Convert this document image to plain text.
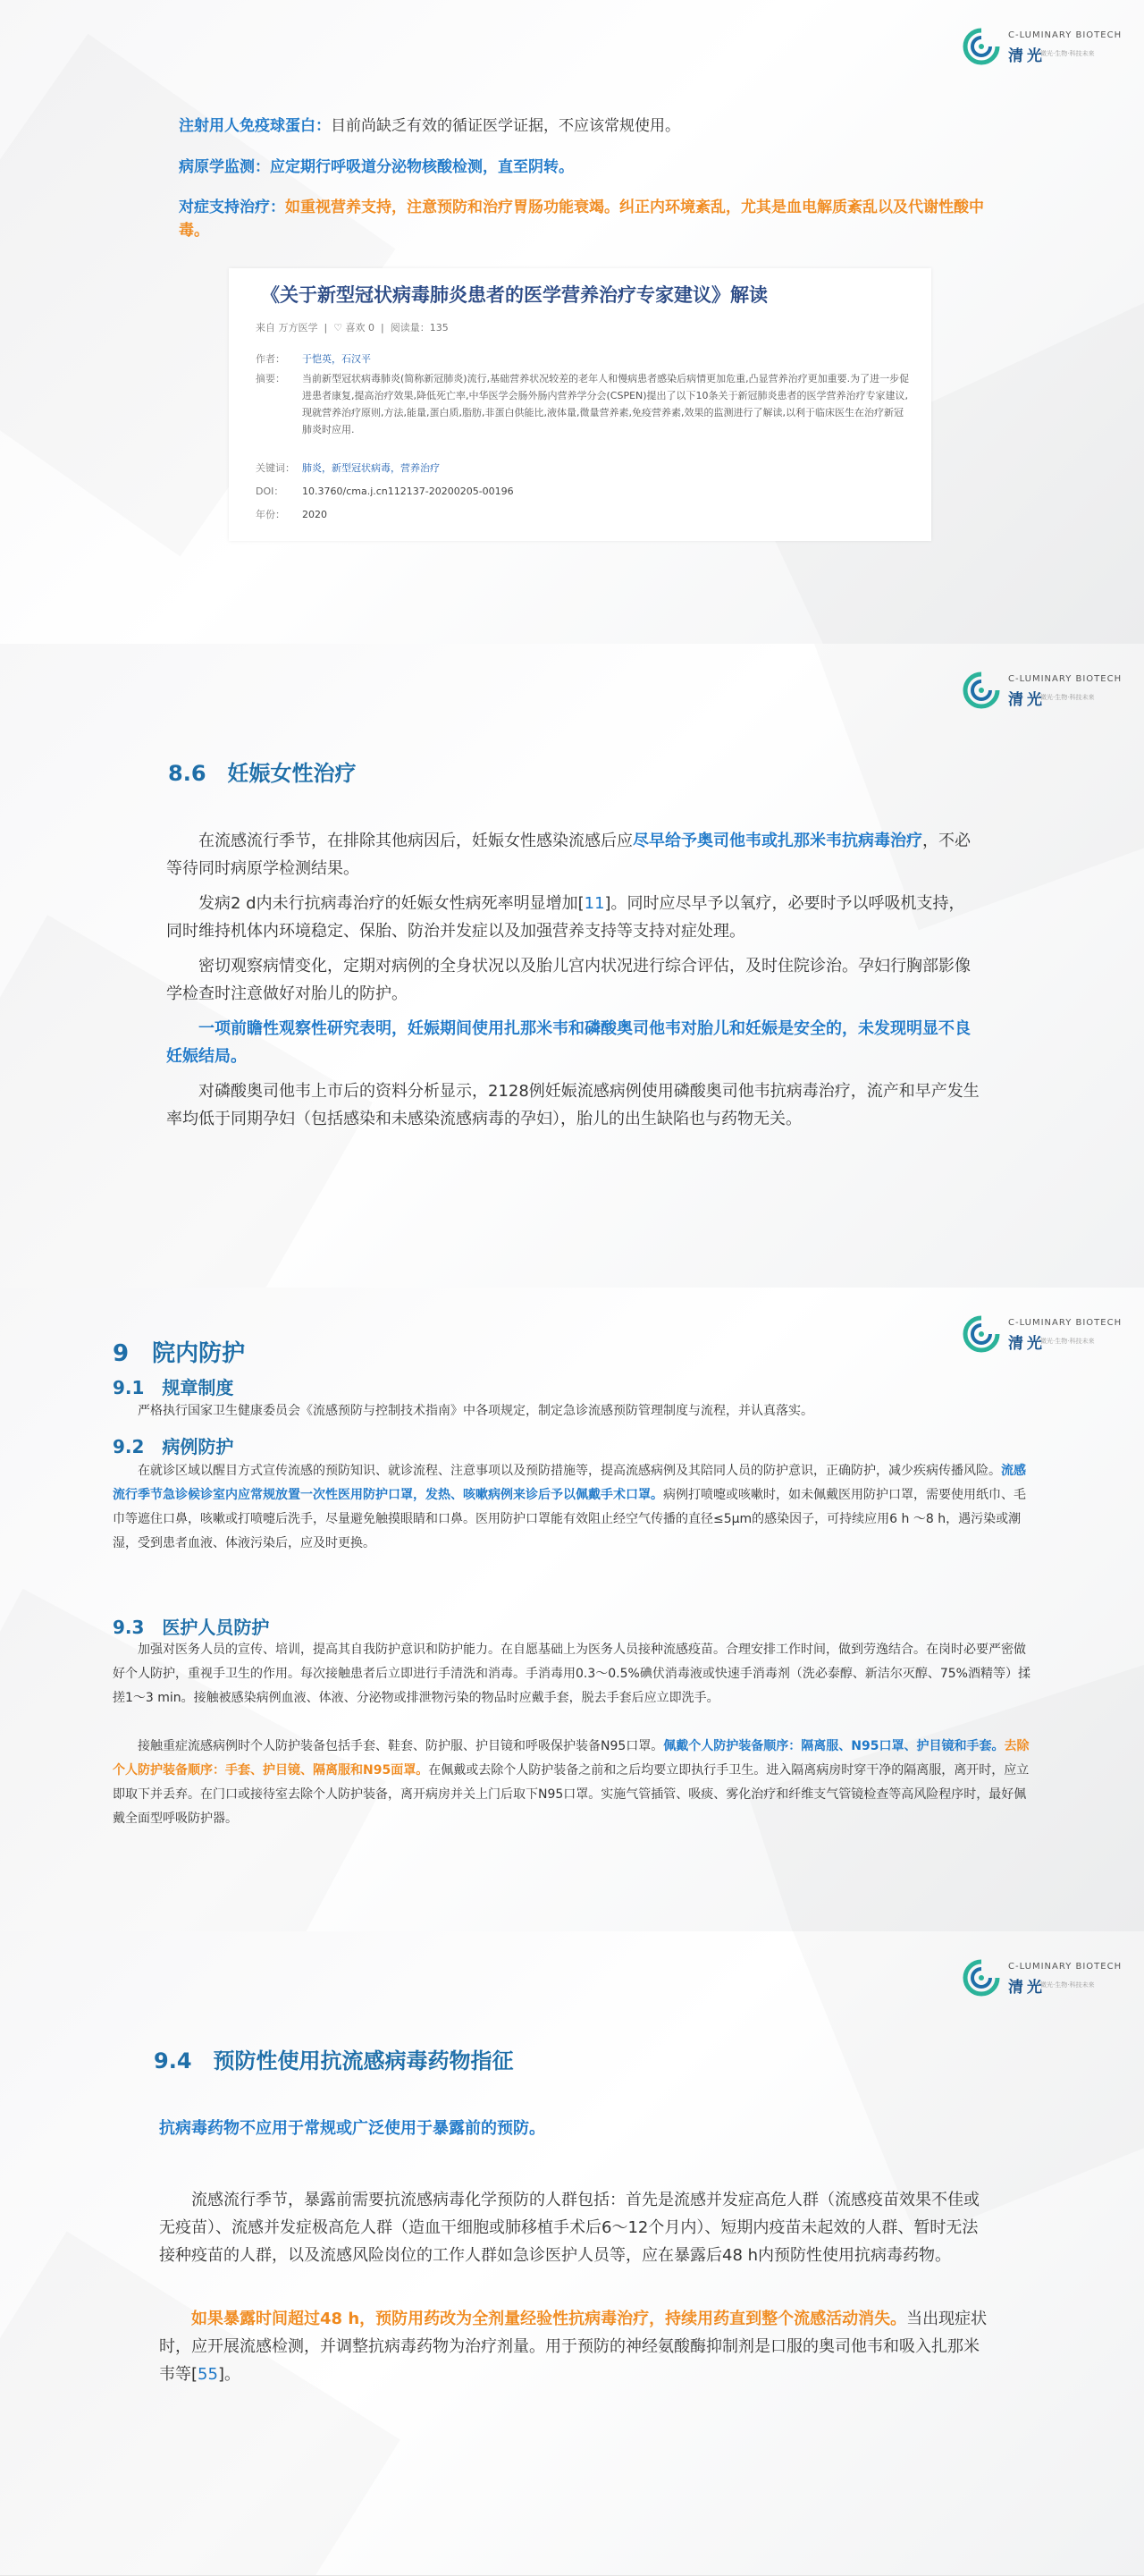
C-LUMINARY BIOTECH
清光
微光·生物·科技未来

注射用人免疫球蛋白：目前尚缺乏有效的循证医学证据，不应该常规使用。

病原学监测：应定期行呼吸道分泌物核酸检测，直至阴转。

对症支持治疗：如重视营养支持，注意预防和治疗胃肠功能衰竭。纠正内环境紊乱，尤其是血电解质紊乱以及代谢性酸中毒。

《关于新型冠状病毒肺炎患者的医学营养治疗专家建议》解读
来自 万方医学  |  ♡ 喜欢 0  |  阅读量：135
作者： 于恺英，石汉平
摘要： 当前新型冠状病毒肺炎(简称新冠肺炎)流行,基础营养状况较差的老年人和慢病患者感染后病情更加危重,凸显营养治疗更加重要.为了进一步促进患者康复,提高治疗效果,降低死亡率,中华医学会肠外肠内营养学分会(CSPEN)提出了以下10条关于新冠肺炎患者的医学营养治疗专家建议,现就营养治疗原则,方法,能量,蛋白质,脂肪,非蛋白供能比,液体量,微量营养素,免疫营养素,效果的监测进行了解读,以利于临床医生在治疗新冠肺炎时应用.
关键词： 肺炎，新型冠状病毒，营养治疗
DOI： 10.3760/cma.j.cn112137-20200205-00196
年份： 2020
C-LUMINARY BIOTECH
清光
微光·生物·科技未来
8.6　妊娠女性治疗

在流感流行季节，在排除其他病因后，妊娠女性感染流感后应尽早给予奥司他韦或扎那米韦抗病毒治疗，不必等待同时病原学检测结果。

发病2 d内未行抗病毒治疗的妊娠女性病死率明显增加[11]。同时应尽早予以氧疗，必要时予以呼吸机支持，同时维持机体内环境稳定、保胎、防治并发症以及加强营养支持等支持对症处理。

密切观察病情变化，定期对病例的全身状况以及胎儿宫内状况进行综合评估，及时住院诊治。孕妇行胸部影像学检查时注意做好对胎儿的防护。

一项前瞻性观察性研究表明，妊娠期间使用扎那米韦和磷酸奥司他韦对胎儿和妊娠是安全的，未发现明显不良妊娠结局。

对磷酸奥司他韦上市后的资料分析显示，2128例妊娠流感病例使用磷酸奥司他韦抗病毒治疗，流产和早产发生率均低于同期孕妇（包括感染和未感染流感病毒的孕妇），胎儿的出生缺陷也与药物无关。

C-LUMINARY BIOTECH
清光
微光·生物·科技未来
9　院内防护
9.1　规章制度

严格执行国家卫生健康委员会《流感预防与控制技术指南》中各项规定，制定急诊流感预防管理制度与流程，并认真落实。

9.2　病例防护

在就诊区域以醒目方式宣传流感的预防知识、就诊流程、注意事项以及预防措施等，提高流感病例及其陪同人员的防护意识，正确防护，减少疾病传播风险。流感流行季节急诊候诊室内应常规放置一次性医用防护口罩，发热、咳嗽病例来诊后予以佩戴手术口罩。病例打喷嚏或咳嗽时，如未佩戴医用防护口罩，需要使用纸巾、毛巾等遮住口鼻，咳嗽或打喷嚏后洗手，尽量避免触摸眼睛和口鼻。医用防护口罩能有效阻止经空气传播的直径≤5μm的感染因子，可持续应用6 h ～8 h，遇污染或潮湿，受到患者血液、体液污染后，应及时更换。

9.3　医护人员防护

加强对医务人员的宣传、培训，提高其自我防护意识和防护能力。在自愿基础上为医务人员接种流感疫苗。合理安排工作时间，做到劳逸结合。在岗时必要严密做好个人防护，重视手卫生的作用。每次接触患者后立即进行手清洗和消毒。手消毒用0.3～0.5%碘伏消毒液或快速手消毒剂（洗必泰醇、新洁尔灭醇、75%酒精等）揉搓1～3 min。接触被感染病例血液、体液、分泌物或排泄物污染的物品时应戴手套，脱去手套后应立即洗手。

接触重症流感病例时个人防护装备包括手套、鞋套、防护服、护目镜和呼吸保护装备N95口罩。佩戴个人防护装备顺序：隔离服、N95口罩、护目镜和手套。去除个人防护装备顺序：手套、护目镜、隔离服和N95面罩。在佩戴或去除个人防护装备之前和之后均要立即执行手卫生。进入隔离病房时穿干净的隔离服，离开时，应立即取下并丢弃。在门口或接待室去除个人防护装备，离开病房并关上门后取下N95口罩。实施气管插管、吸痰、雾化治疗和纤维支气管镜检查等高风险程序时，最好佩戴全面型呼吸防护器。

C-LUMINARY BIOTECH
清光
微光·生物·科技未来
9.4　预防性使用抗流感病毒药物指征

抗病毒药物不应用于常规或广泛使用于暴露前的预防。

流感流行季节，暴露前需要抗流感病毒化学预防的人群包括：首先是流感并发症高危人群（流感疫苗效果不佳或无疫苗）、流感并发症极高危人群（造血干细胞或肺移植手术后6～12个月内）、短期内疫苗未起效的人群、暂时无法接种疫苗的人群，以及流感风险岗位的工作人群如急诊医护人员等，应在暴露后48 h内预防性使用抗病毒药物。

如果暴露时间超过48 h，预防用药改为全剂量经验性抗病毒治疗，持续用药直到整个流感活动消失。当出现症状时，应开展流感检测，并调整抗病毒药物为治疗剂量。用于预防的神经氨酸酶抑制剂是口服的奥司他韦和吸入扎那米韦等[55]。
